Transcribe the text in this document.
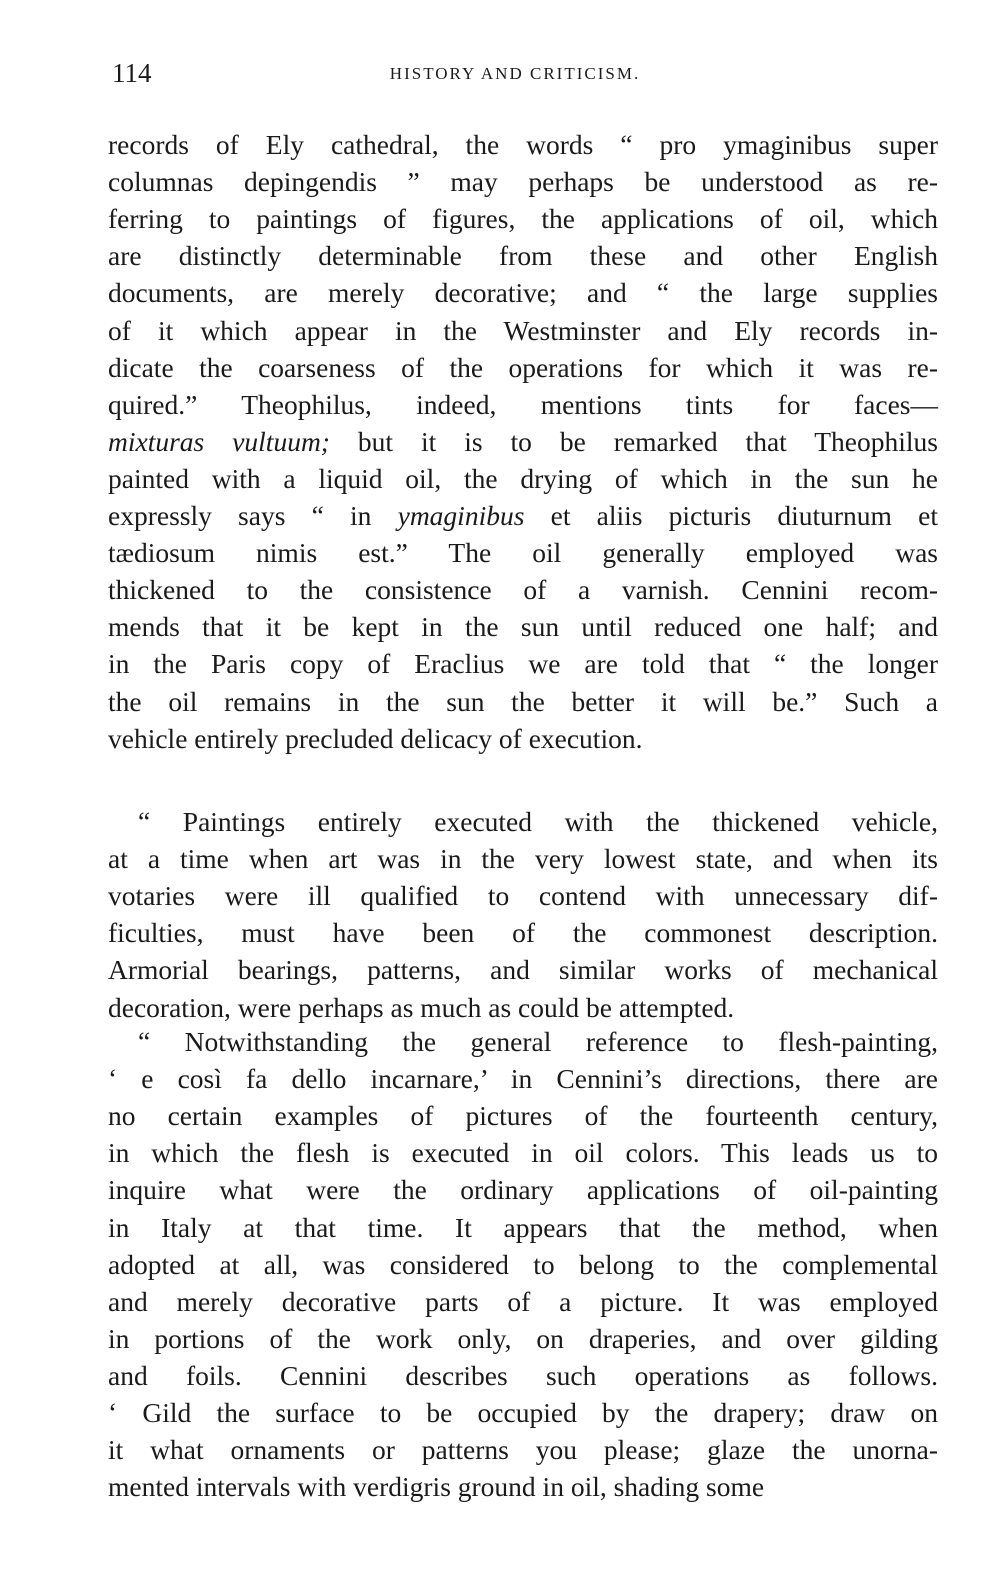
114	HISTORY AND CRITICISM.
records of Ely cathedral, the words “ pro ymaginibus super
columnas depingendis ” may perhaps be understood as re-
ferring to paintings of figures, the applications of oil, which
are distinctly determinable from these and other English
documents, are merely decorative; and “ the large supplies
of it which appear in the Westminster and Ely records in-
dicate the coarseness of the operations for which it was re-
quired.” Theophilus, indeed, mentions tints for faces—
mixturas vultuum; but it is to be remarked that Theophilus
painted with a liquid oil, the drying of which in the sun he
expressly says “ in ymaginibus et aliis picturis diuturnum et
tædiosum nimis est.” The oil generally employed was
thickened to the consistence of a varnish. Cennini recom-
mends that it be kept in the sun until reduced one half; and
in the Paris copy of Eraclius we are told that “ the longer
the oil remains in the sun the better it will be.” Such a
vehicle entirely precluded delicacy of execution.
“ Paintings entirely executed with the thickened vehicle,
at a time when art was in the very lowest state, and when its
votaries were ill qualified to contend with unnecessary dif-
ficulties, must have been of the commonest description.
Armorial bearings, patterns, and similar works of mechanical
decoration, were perhaps as much as could be attempted.
“ Notwithstanding the general reference to flesh-painting,
‘ e così fa dello incarnare,’ in Cennini’s directions, there are
no certain examples of pictures of the fourteenth century,
in which the flesh is executed in oil colors. This leads us to
inquire what were the ordinary applications of oil-painting
in Italy at that time. It appears that the method, when
adopted at all, was considered to belong to the complemental
and merely decorative parts of a picture. It was employed
in portions of the work only, on draperies, and over gilding
and foils. Cennini describes such operations as follows.
‘ Gild the surface to be occupied by the drapery; draw on
it what ornaments or patterns you please; glaze the unorna-
mented intervals with verdigris ground in oil, shading some
